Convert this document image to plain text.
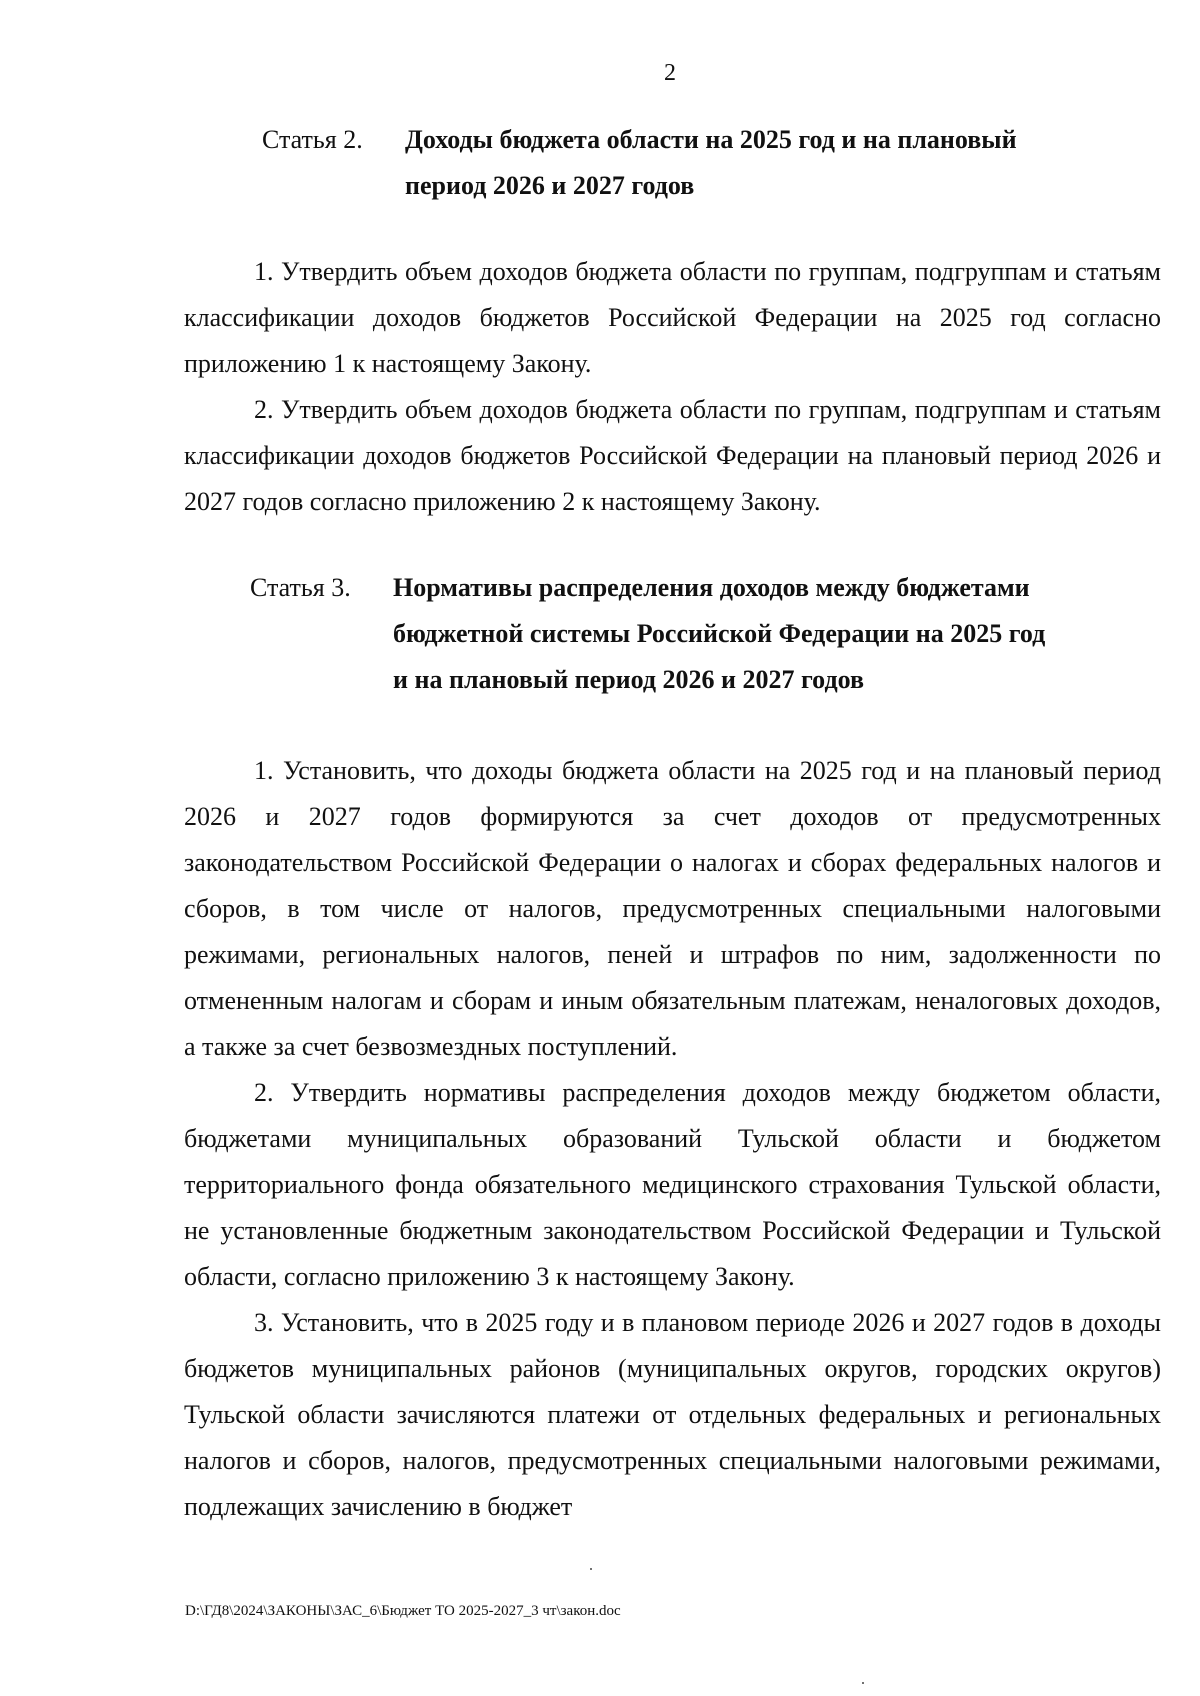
2
Статья 2.	Доходы бюджета области на 2025 год и на плановый
период 2026 и 2027 годов

1. Утвердить объем доходов бюджета области по группам, подгруппам и статьям классификации доходов бюджетов Российской Федерации на 2025 год согласно приложению 1 к настоящему Закону.

2. Утвердить объем доходов бюджета области по группам, подгруппам и статьям классификации доходов бюджетов Российской Федерации на плановый период 2026 и 2027 годов согласно приложению 2 к настоящему Закону.

Статья 3.	Нормативы распределения доходов между бюджетами
бюджетной системы Российской Федерации на 2025 год
и на плановый период 2026 и 2027 годов

1. Установить, что доходы бюджета области на 2025 год и на плановый период 2026 и 2027 годов формируются за счет доходов от предусмотренных законодательством Российской Федерации о налогах и сборах федеральных налогов и сборов, в том числе от налогов, предусмотренных специальными налоговыми режимами, региональных налогов, пеней и штрафов по ним, задолженности по отмененным налогам и сборам и иным обязательным платежам, неналоговых доходов, а также за счет безвозмездных поступлений.

2. Утвердить нормативы распределения доходов между бюджетом области, бюджетами муниципальных образований Тульской области и бюджетом территориального фонда обязательного медицинского страхования Тульской области, не установленные бюджетным законодательством Российской Федерации и Тульской области, согласно приложению 3 к настоящему Закону.

3. Установить, что в 2025 году и в плановом периоде 2026 и 2027 годов в доходы бюджетов муниципальных районов (муниципальных округов, городских округов) Тульской области зачисляются платежи от отдельных федеральных и региональных налогов и сборов, налогов, предусмотренных специальными налоговыми режимами, подлежащих зачислению в бюджет

D:\ГД8\2024\ЗАКОНЫ\ЗАС_6\Бюджет ТО 2025-2027_3 чт\закон.doc
